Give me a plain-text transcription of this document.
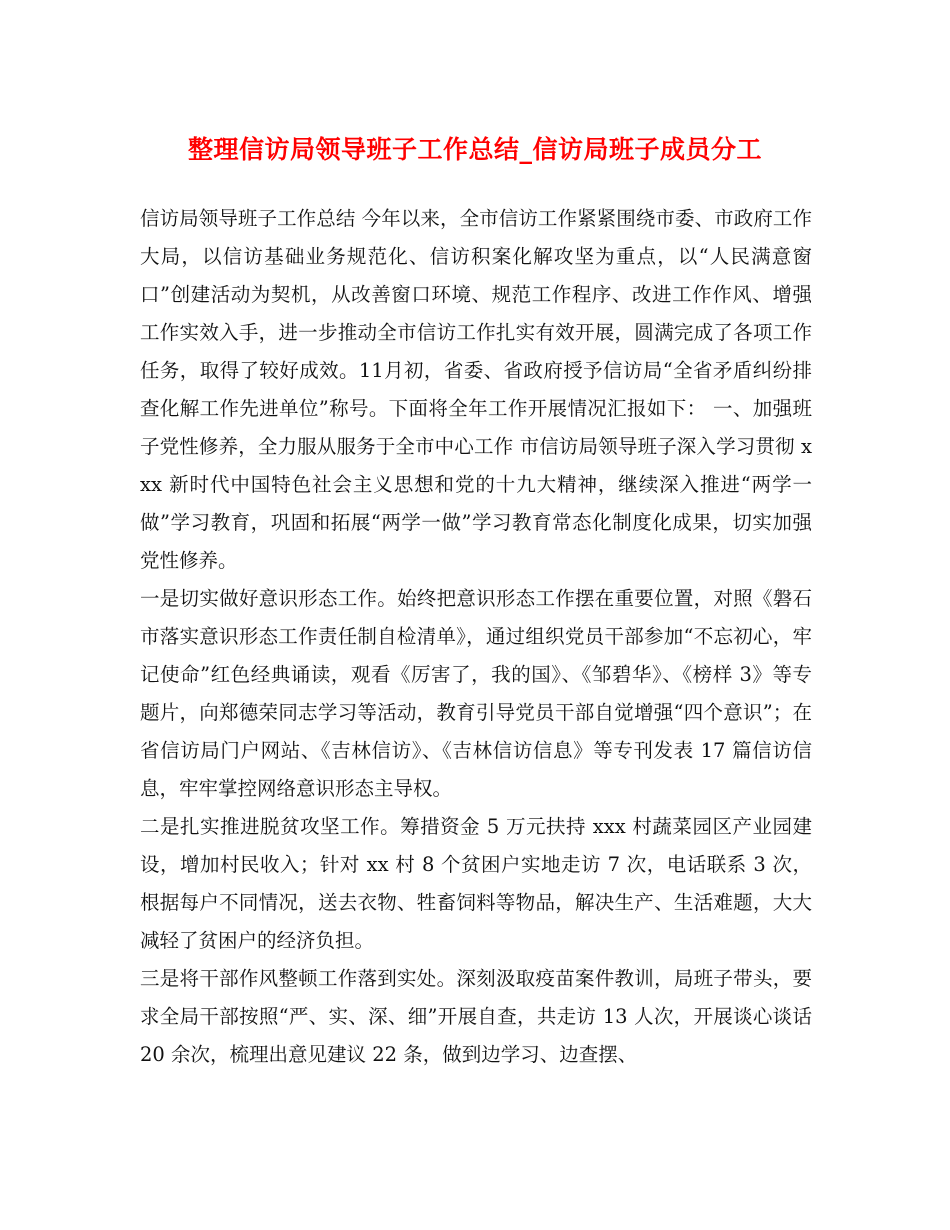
整理信访局领导班子工作总结_信访局班子成员分工

信访局领导班子工作总结 今年以来，全市信访工作紧紧围绕市委、市政府工作大局，以信访基础业务规范化、信访积案化解攻坚为重点，以“人民满意窗口”创建活动为契机，从改善窗口环境、规范工作程序、改进工作作风、增强工作实效入手，进一步推动全市信访工作扎实有效开展，圆满完成了各项工作任务，取得了较好成效。11月初，省委、省政府授予信访局“全省矛盾纠纷排查化解工作先进单位”称号。下面将全年工作开展情况汇报如下： 一、加强班子党性修养，全力服从服务于全市中心工作 市信访局领导班子深入学习贯彻 xxx 新时代中国特色社会主义思想和党的十九大精神，继续深入推进“两学一做”学习教育，巩固和拓展“两学一做”学习教育常态化制度化成果，切实加强党性修养。

一是切实做好意识形态工作。始终把意识形态工作摆在重要位置，对照《磐石市落实意识形态工作责任制自检清单》，通过组织党员干部参加“不忘初心，牢记使命”红色经典诵读，观看《厉害了，我的国》、《邹碧华》、《榜样 3》等专题片，向郑德荣同志学习等活动，教育引导党员干部自觉增强“四个意识”；在省信访局门户网站、《吉林信访》、《吉林信访信息》等专刊发表 17 篇信访信息，牢牢掌控网络意识形态主导权。

二是扎实推进脱贫攻坚工作。筹措资金 5 万元扶持 xxx 村蔬菜园区产业园建设，增加村民收入；针对 xx 村 8 个贫困户实地走访 7 次，电话联系 3 次，根据每户不同情况，送去衣物、牲畜饲料等物品，解决生产、生活难题，大大减轻了贫困户的经济负担。

三是将干部作风整顿工作落到实处。深刻汲取疫苗案件教训，局班子带头，要求全局干部按照“严、实、深、细”开展自查，共走访 13 人次，开展谈心谈话 20 余次，梳理出意见建议 22 条，做到边学习、边查摆、
